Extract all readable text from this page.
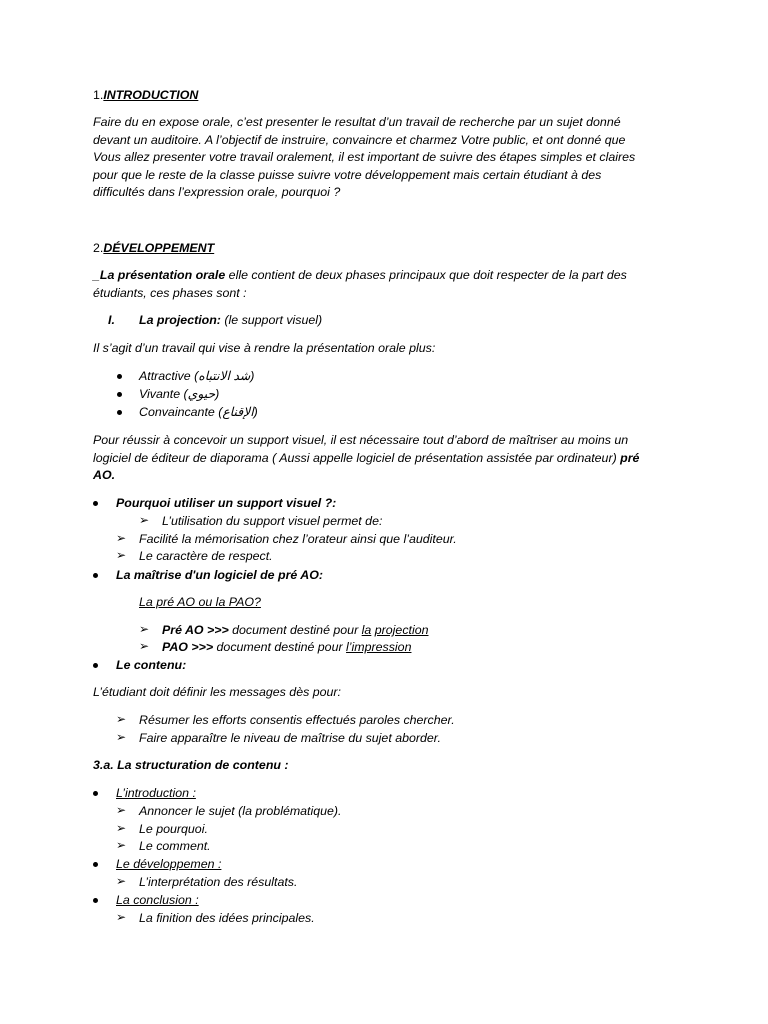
1.INTRODUCTION
Faire du en expose orale, c’est presenter le resultat d’un travail de recherche par un sujet donné
devant un auditoire. A l’objectif de instruire, convaincre et charmez Votre public, et ont donné que
Vous allez presenter votre travail oralement, il est important de suivre des étapes simples et claires
pour que le reste de la classe puisse suivre votre développement mais certain étudiant à des
difficultés dans l’expression orale, pourquoi ?
2.DÉVELOPPEMENT
_La présentation orale elle contient de deux phases principaux que doit respecter de la part des
étudiants, ces phases sont :
I. La projection: (le support visuel)
Il s’agit d’un travail qui vise à rendre la présentation orale plus:
Attractive (شد الانتباه)
Vivante (حيوي)
Convaincante (الإقناع)
Pour réussir à concevoir un support visuel, il est nécessaire tout d’abord de maîtriser au moins un
logiciel de éditeur de diaporama ( Aussi appelle logiciel de présentation assistée par ordinateur) pré
AO.
Pourquoi utiliser un support visuel ?:
➢ L’utilisation du support visuel permet de:
➢ Facilité la mémorisation chez l’orateur ainsi que l’auditeur.
➢ Le caractère de respect.
La maîtrise d'un logiciel de pré AO:
La pré AO ou la PAO?
➢ Pré AO >>> document destiné pour la projection
➢ PAO >>> document destiné pour l’impression
Le contenu:
L’étudiant doit définir les messages dès pour:
➢ Résumer les efforts consentis effectués paroles chercher.
➢ Faire apparaître le niveau de maîtrise du sujet aborder.
3.a. La structuration de contenu :
L’introduction :
➢ Annoncer le sujet (la problématique).
➢ Le pourquoi.
➢ Le comment.
Le développemen :
➢ L’interprétation des résultats.
La conclusion :
➢ La finition des idées principales.
